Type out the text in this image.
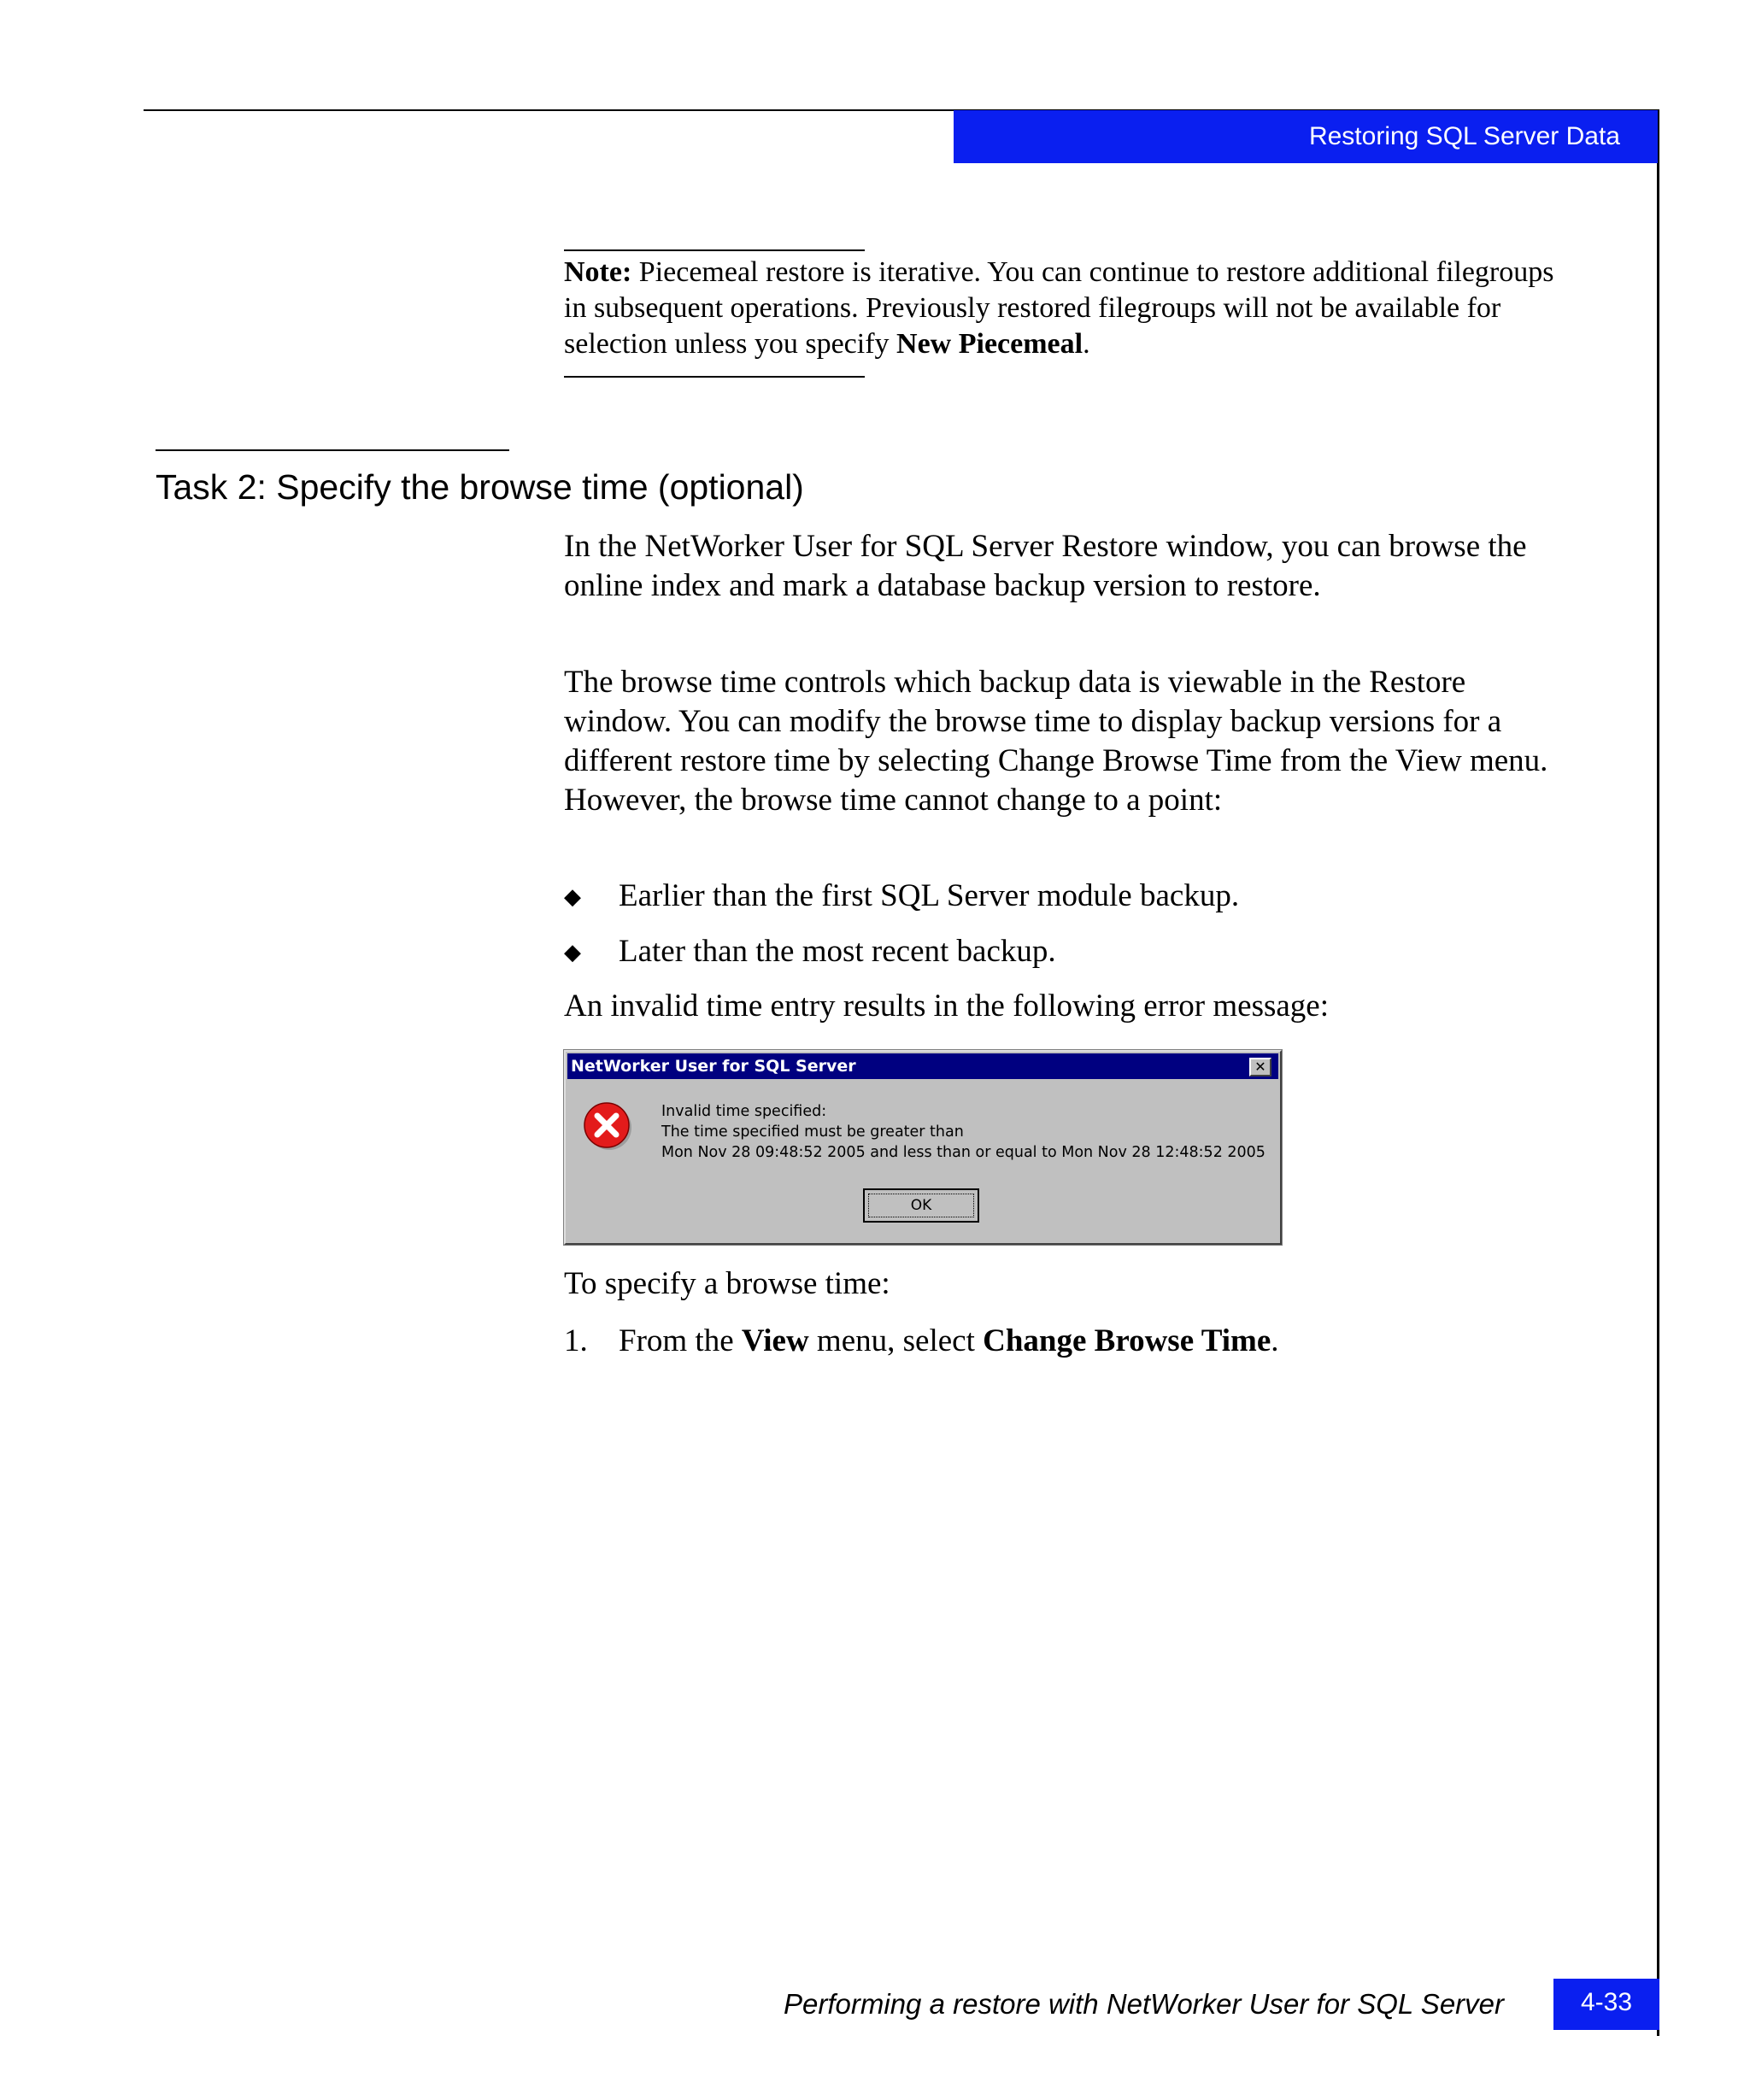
Restoring SQL Server Data
Note: Piecemeal restore is iterative. You can continue to restore additional filegroups in subsequent operations. Previously restored filegroups will not be available for selection unless you specify New Piecemeal.
Task 2: Specify the browse time (optional)
In the NetWorker User for SQL Server Restore window, you can browse the online index and mark a database backup version to restore.
The browse time controls which backup data is viewable in the Restore window. You can modify the browse time to display backup versions for a different restore time by selecting Change Browse Time from the View menu. However, the browse time cannot change to a point:
◆ Earlier than the first SQL Server module backup.
◆ Later than the most recent backup.
An invalid time entry results in the following error message:
NetWorker User for SQL Server	✕
Invalid time specified:
The time specified must be greater than
Mon Nov 28 09:48:52 2005 and less than or equal to Mon Nov 28 12:48:52 2005
OK
To specify a browse time:
1. From the View menu, select Change Browse Time.
Performing a restore with NetWorker User for SQL Server	4-33
